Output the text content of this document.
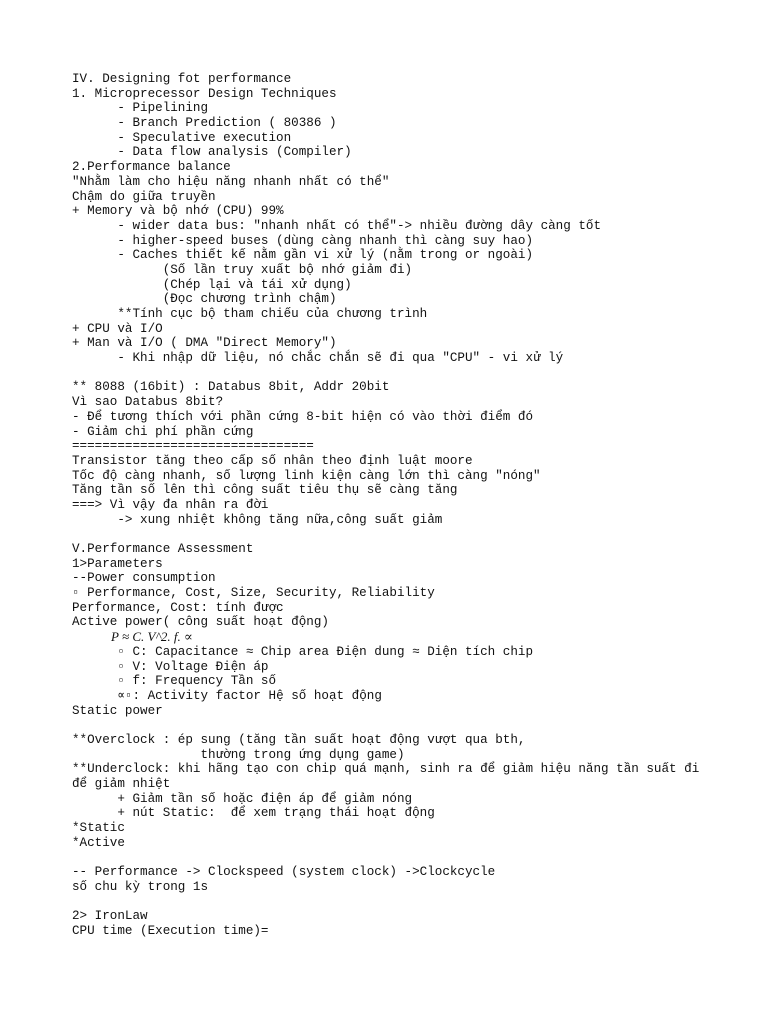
IV. Designing fot performance
1. Microprecessor Design Techniques
- Pipelining
- Branch Prediction ( 80386 )
- Speculative execution
- Data flow analysis (Compiler)
2.Performance balance
"Nhằm làm cho hiệu năng nhanh nhất có thể"
Chậm do giữa truyền
+ Memory và bộ nhớ (CPU) 99%
- wider data bus: "nhanh nhất có thể"-> nhiều đường dây càng tốt
- higher-speed buses (dùng càng nhanh thì càng suy hao)
- Caches thiết kế nằm gần vi xử lý (nằm trong or ngoài)
(Số lần truy xuất bộ nhớ giảm đi)
(Chép lại và tái xử dụng)
(Đọc chương trình chậm)
**Tính cục bộ tham chiếu của chương trình
+ CPU và I/O
+ Man và I/O ( DMA "Direct Memory")
- Khi nhập dữ liệu, nó chắc chắn sẽ đi qua "CPU" - vi xử lý
** 8088 (16bit) : Databus 8bit, Addr 20bit
Vì sao Databus 8bit?
- Để tương thích với phần cứng 8-bit hiện có vào thời điểm đó
- Giảm chi phí phần cứng
================================
Transistor tăng theo cấp số nhân theo định luật moore
Tốc độ càng nhanh, số lượng linh kiện càng lớn thì càng "nóng"
Tăng tần số lên thì công suất tiêu thụ sẽ càng tăng
===> Vì vậy đa nhân ra đời
-> xung nhiệt không tăng nữa,công suất giảm
V.Performance Assessment
1>Parameters
--Power consumption
▫ Performance, Cost, Size, Security, Reliability
Performance, Cost: tính được
Active power( công suất hoạt động)
P ≈ C. V^2. f. ∝
▫ C: Capacitance ≈ Chip area Điện dung ≈ Diện tích chip
▫ V: Voltage Điện áp
▫ f: Frequency Tần số
∝▫: Activity factor Hệ số hoạt động
Static power
**Overclock : ép sung (tăng tần suất hoạt động vượt qua bth,
thường trong ứng dụng game)
**Underclock: khi hãng tạo con chip quá mạnh, sinh ra để giảm hiệu năng tần suất đi
để giảm nhiệt
+ Giảm tần số hoặc điện áp để giảm nóng
+ nút Static:  để xem trạng thái hoạt động
*Static
*Active
-- Performance -> Clockspeed (system clock) ->Clockcycle
số chu kỳ trong 1s
2> IronLaw
CPU time (Execution time)=
